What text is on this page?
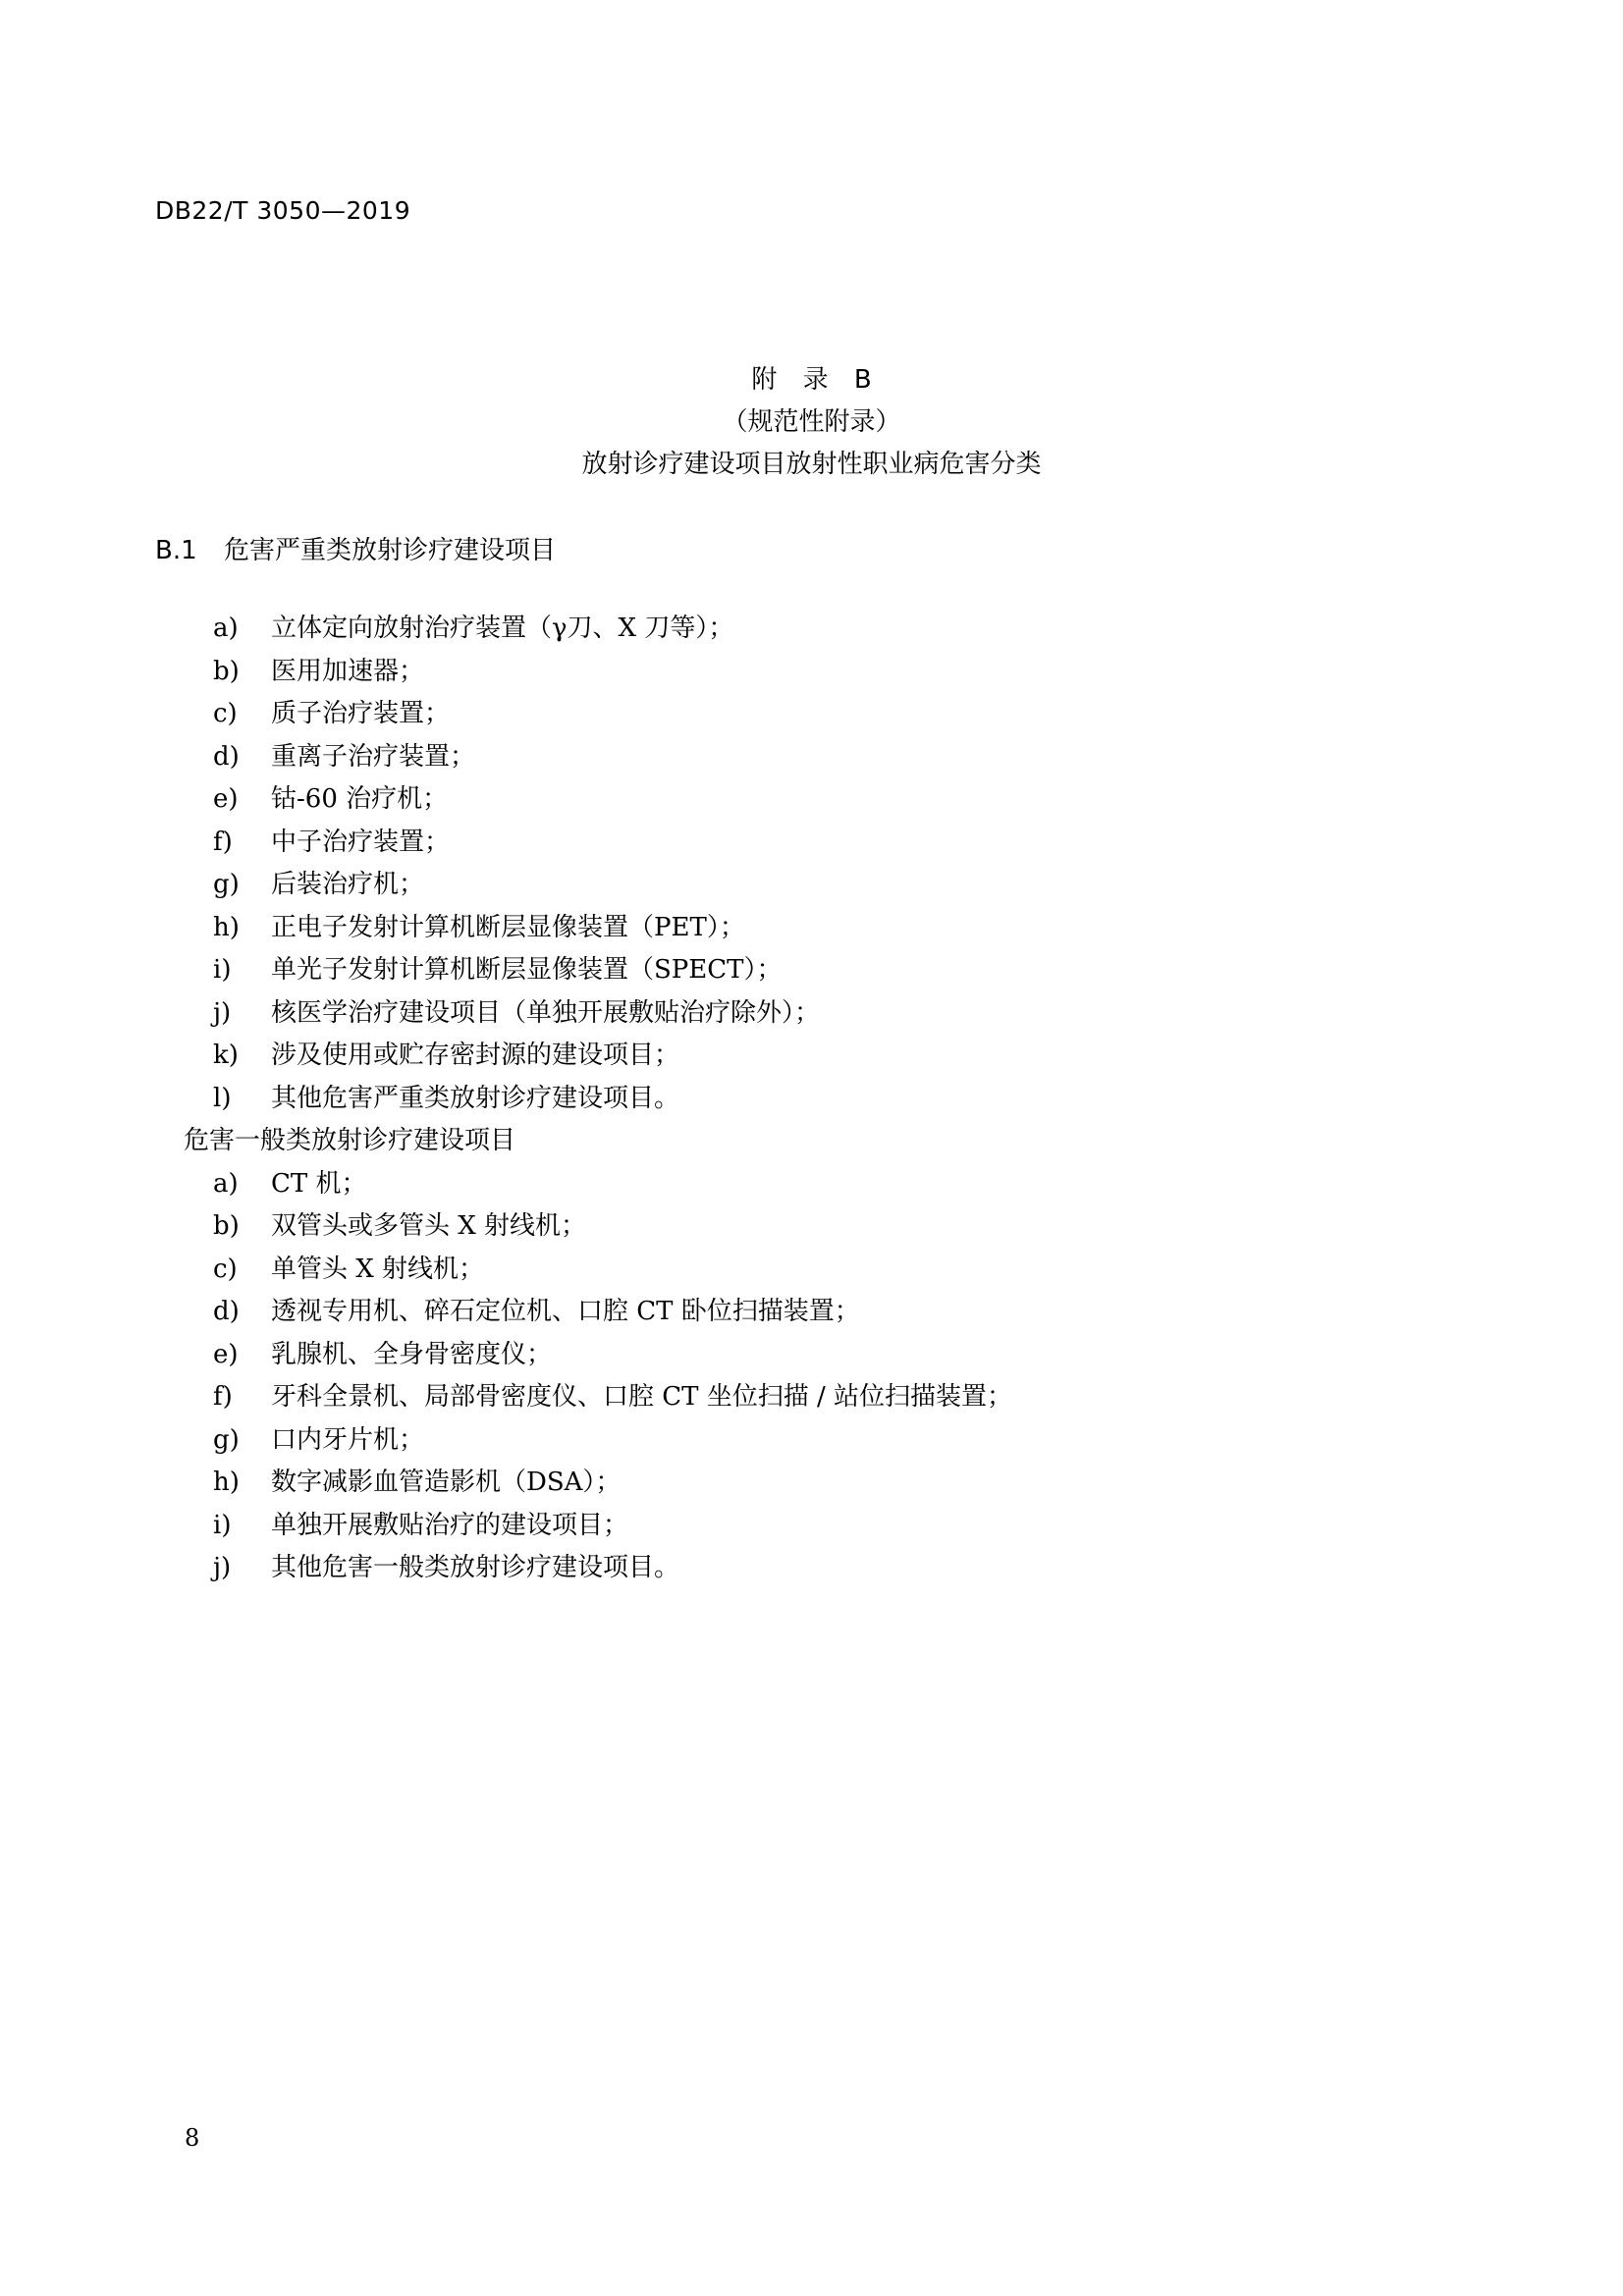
DB22/T 3050—2019
附 录 B
（规范性附录）
放射诊疗建设项目放射性职业病危害分类
B.1 危害严重类放射诊疗建设项目
a) 立体定向放射治疗装置（γ刀、X 刀等）；
b) 医用加速器；
c) 质子治疗装置；
d) 重离子治疗装置；
e) 钴-60 治疗机；
f) 中子治疗装置；
g) 后装治疗机；
h) 正电子发射计算机断层显像装置（PET）；
i) 单光子发射计算机断层显像装置（SPECT）；
j) 核医学治疗建设项目（单独开展敷贴治疗除外）；
k) 涉及使用或贮存密封源的建设项目；
l) 其他危害严重类放射诊疗建设项目。
危害一般类放射诊疗建设项目
a) CT 机；
b) 双管头或多管头 X 射线机；
c) 单管头 X 射线机；
d) 透视专用机、碎石定位机、口腔 CT 卧位扫描装置；
e) 乳腺机、全身骨密度仪；
f) 牙科全景机、局部骨密度仪、口腔 CT 坐位扫描 / 站位扫描装置；
g) 口内牙片机；
h) 数字减影血管造影机（DSA）；
i) 单独开展敷贴治疗的建设项目；
j) 其他危害一般类放射诊疗建设项目。
8
